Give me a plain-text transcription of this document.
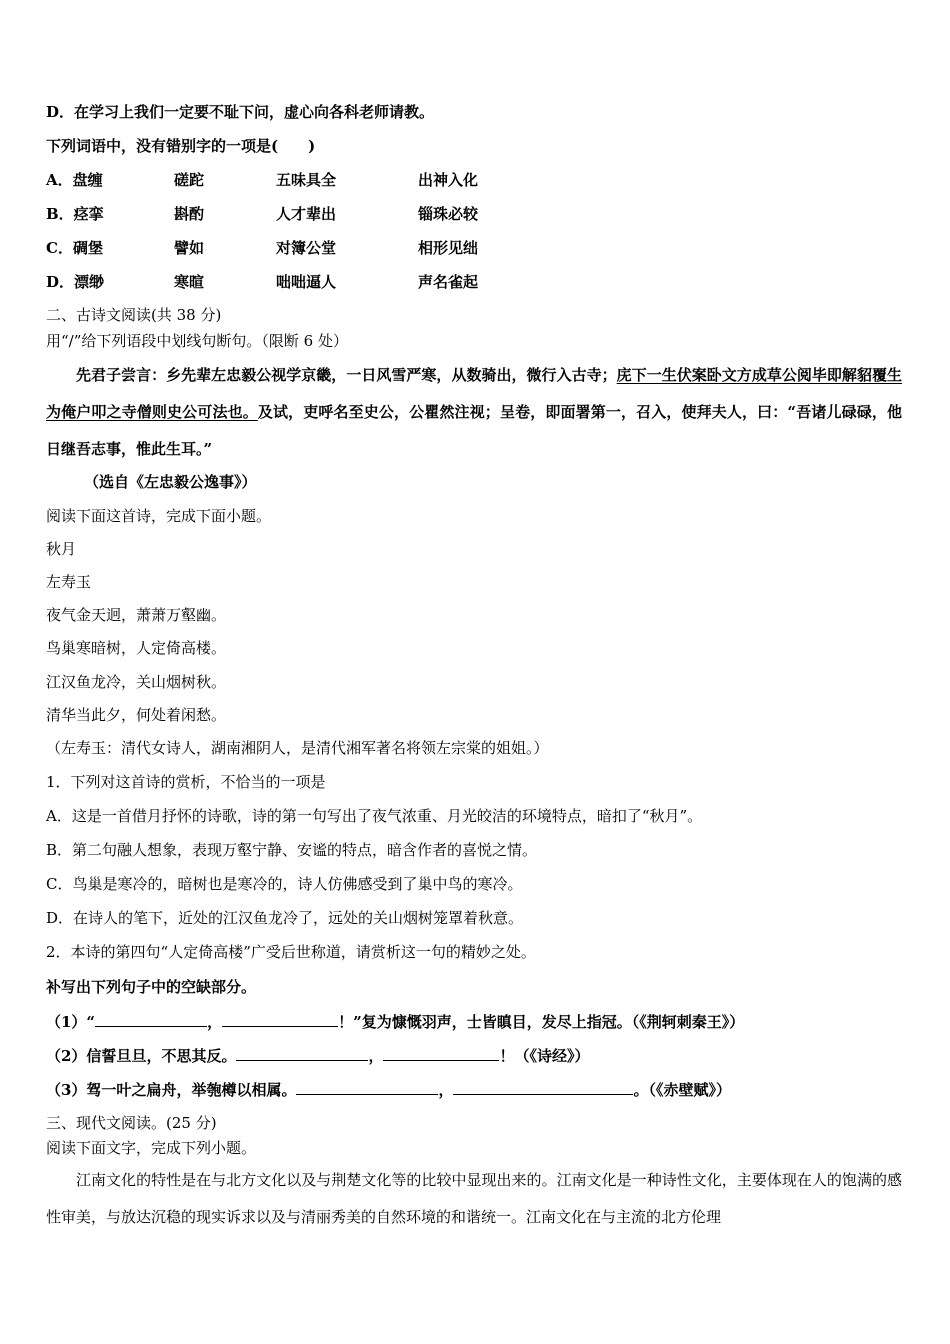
D．在学习上我们一定要不耻下问，虚心向各科老师请教。
下列词语中，没有错别字的一项是(　　)
A．盘缠	磋跎	五味具全	出神入化
B．痉挛	斟酌	人才辈出	锱珠必较
C．碉堡	譬如	对簿公堂	相形见绌
D．漂缈	寒暄	咄咄逼人	声名雀起
二、古诗文阅读(共 38 分)
用“/”给下列语段中划线句断句。（限断 6 处）
先君子尝言：乡先辈左忠毅公视学京畿，一日风雪严寒，从数骑出，微行入古寺；庑下一生伏案卧文方成草公阅毕即解貂覆生为俺户叩之寺僧则史公可法也。及试，吏呼名至史公，公瞿然注视；呈卷，即面署第一，召入，使拜夫人，曰：“吾诸儿碌碌，他日继吾志事，惟此生耳。”
（选自《左忠毅公逸事》）
阅读下面这首诗，完成下面小题。
秋月
左寿玉
夜气金天迥，萧萧万壑幽。
鸟巢寒暗树，人定倚高楼。
江汉鱼龙冷，关山烟树秋。
清华当此夕，何处着闲愁。
（左寿玉：清代女诗人，湖南湘阴人，是清代湘军著名将领左宗棠的姐姐。）
1．下列对这首诗的赏析，不恰当的一项是
A．这是一首借月抒怀的诗歌，诗的第一句写出了夜气浓重、月光皎洁的环境特点，暗扣了“秋月”。
B．第二句融人想象，表现万壑宁静、安谧的特点，暗含作者的喜悦之情。
C．鸟巢是寒冷的，暗树也是寒冷的，诗人仿佛感受到了巢中鸟的寒冷。
D．在诗人的笔下，近处的江汉鱼龙冷了，远处的关山烟树笼罩着秋意。
2．本诗的第四句“人定倚高楼”广受后世称道，请赏析这一句的精妙之处。
补写出下列句子中的空缺部分。
（1）“	，	！”复为慷慨羽声，士皆瞋目，发尽上指冠。（《荆轲刺秦王》）
（2）信誓旦旦，不思其反。	，	！（《诗经》）
（3）驾一叶之扁舟，举匏樽以相属。	，	。（《赤壁赋》）
三、现代文阅读。(25 分)
阅读下面文字，完成下列小题。
江南文化的特性是在与北方文化以及与荆楚文化等的比较中显现出来的。江南文化是一种诗性文化，主要体现在人的饱满的感性审美，与放达沉稳的现实诉求以及与清丽秀美的自然环境的和谐统一。江南文化在与主流的北方伦理
